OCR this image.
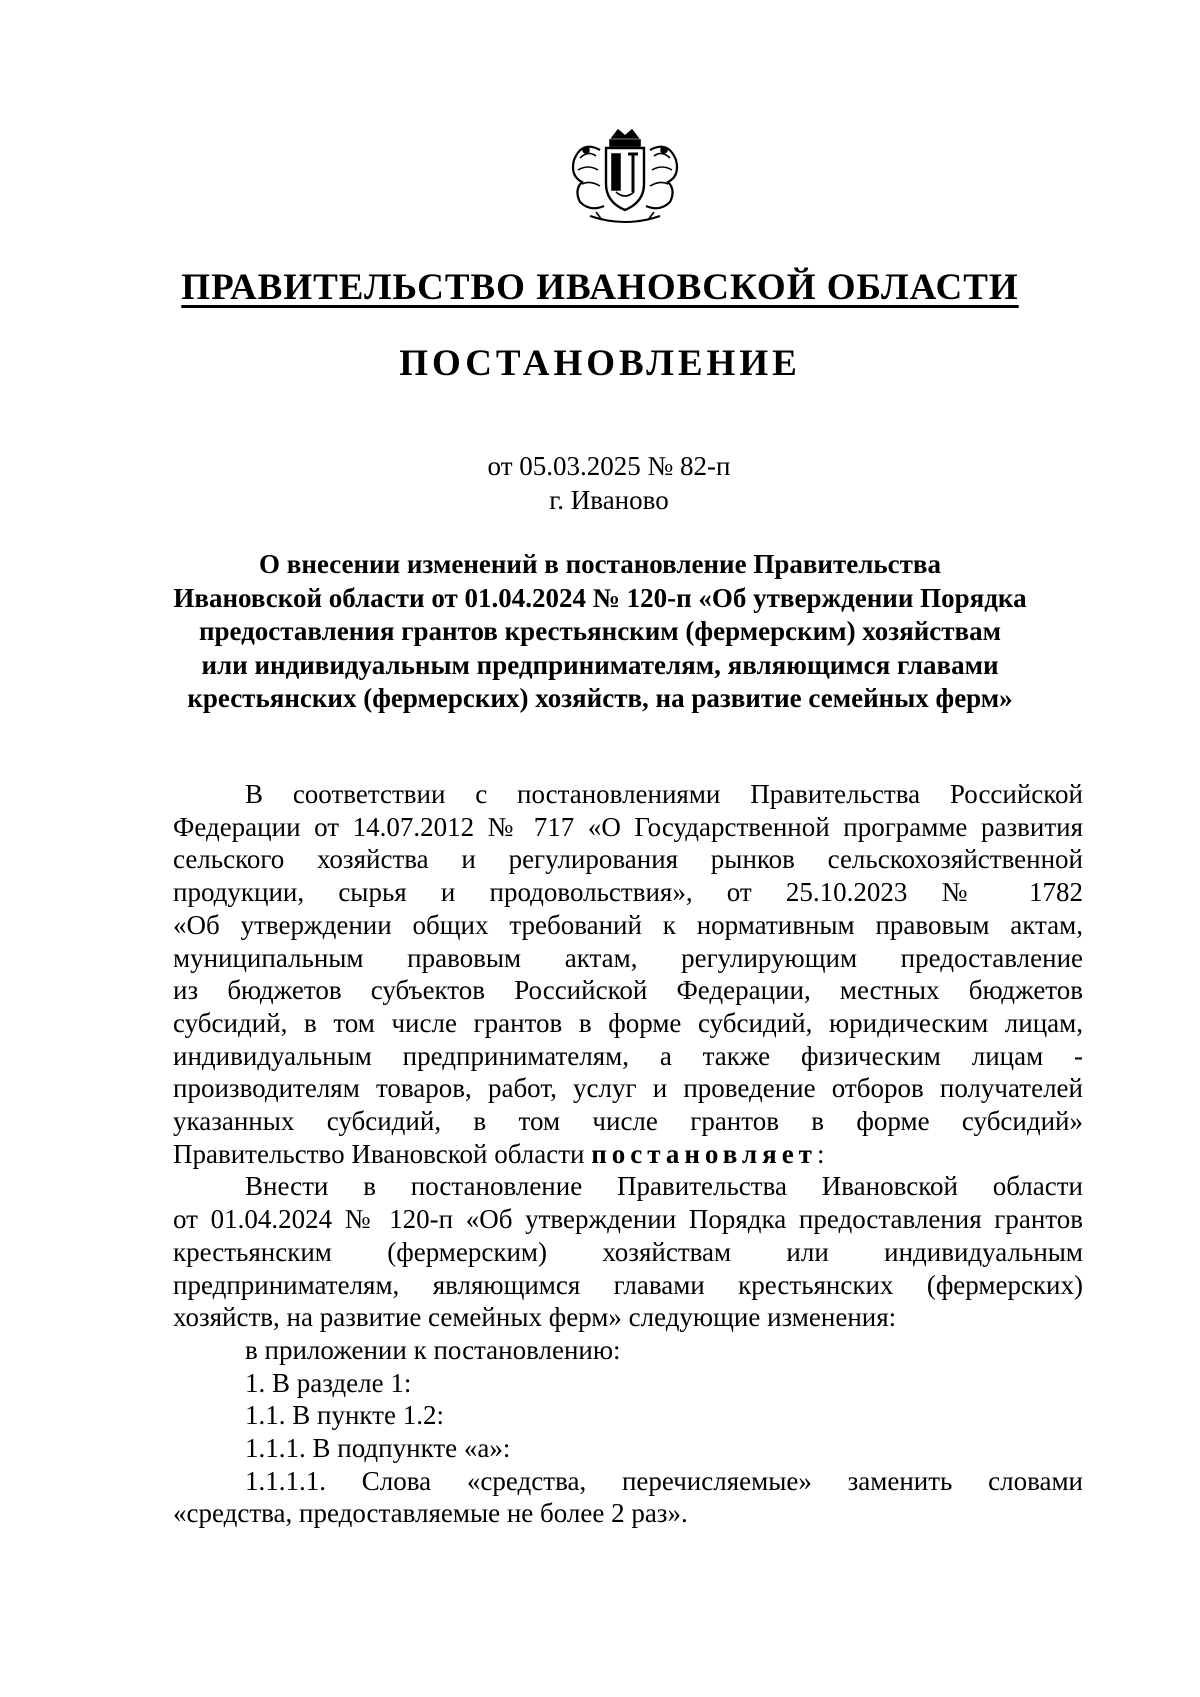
ПРАВИТЕЛЬСТВО ИВАНОВСКОЙ ОБЛАСТИ
ПОСТАНОВЛЕНИЕ
от 05.03.2025 № 82-п
г. Иваново
О внесении изменений в постановление Правительства
Ивановской области от 01.04.2024 № 120-п «Об утверждении Порядка
предоставления грантов крестьянским (фермерским) хозяйствам
или индивидуальным предпринимателям, являющимся главами
крестьянских (фермерских) хозяйств, на развитие семейных ферм»
В соответствии с постановлениями Правительства Российской
Федерации от 14.07.2012 № 717 «О Государственной программе развития
сельского хозяйства и регулирования рынков сельскохозяйственной
продукции, сырья и продовольствия», от 25.10.2023 № 1782
«Об утверждении общих требований к нормативным правовым актам,
муниципальным правовым актам, регулирующим предоставление
из бюджетов субъектов Российской Федерации, местных бюджетов
субсидий, в том числе грантов в форме субсидий, юридическим лицам,
индивидуальным предпринимателям, а также физическим лицам -
производителям товаров, работ, услуг и проведение отборов получателей
указанных субсидий, в том числе грантов в форме субсидий»
Правительство Ивановской области постановляет:
Внести в постановление Правительства Ивановской области
от 01.04.2024 № 120-п «Об утверждении Порядка предоставления грантов
крестьянским (фермерским) хозяйствам или индивидуальным
предпринимателям, являющимся главами крестьянских (фермерских)
хозяйств, на развитие семейных ферм» следующие изменения:
в приложении к постановлению:
1. В разделе 1:
1.1. В пункте 1.2:
1.1.1. В подпункте «а»:
1.1.1.1. Слова «средства, перечисляемые» заменить словами
«средства, предоставляемые не более 2 раз».
